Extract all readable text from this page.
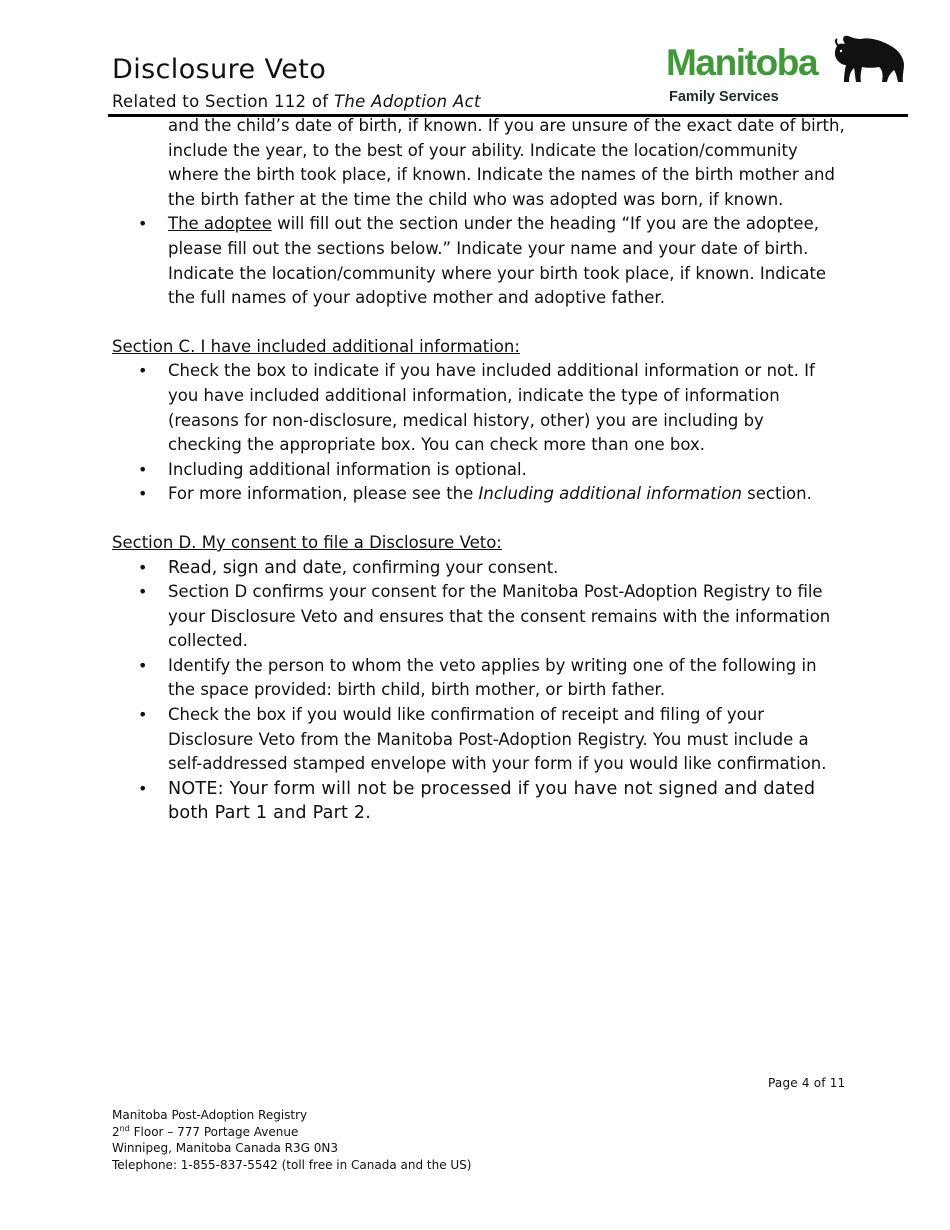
Disclosure Veto
Related to Section 112 of The Adoption Act
Manitoba
Family Services
and the child’s date of birth, if known. If you are unsure of the exact date of birth,
include the year, to the best of your ability. Indicate the location/community
where the birth took place, if known. Indicate the names of the birth mother and
the birth father at the time the child who was adopted was born, if known.
• The adoptee will fill out the section under the heading “If you are the adoptee,
please fill out the sections below.” Indicate your name and your date of birth.
Indicate the location/community where your birth took place, if known. Indicate
the full names of your adoptive mother and adoptive father.
Section C. I have included additional information:
• Check the box to indicate if you have included additional information or not. If you have included additional information, indicate the type of information (reasons for non-disclosure, medical history, other) you are including by checking the appropriate box. You can check more than one box.
• Including additional information is optional.
• For more information, please see the Including additional information section.
Section D. My consent to file a Disclosure Veto:
• Read, sign and date, confirming your consent.
• Section D confirms your consent for the Manitoba Post-Adoption Registry to file your Disclosure Veto and ensures that the consent remains with the information collected.
• Identify the person to whom the veto applies by writing one of the following in the space provided: birth child, birth mother, or birth father.
• Check the box if you would like confirmation of receipt and filing of your Disclosure Veto from the Manitoba Post-Adoption Registry. You must include a self-addressed stamped envelope with your form if you would like confirmation.
• NOTE: Your form will not be processed if you have not signed and dated both Part 1 and Part 2.
Page 4 of 11
Manitoba Post-Adoption Registry
2nd Floor – 777 Portage Avenue
Winnipeg, Manitoba Canada R3G 0N3
Telephone: 1-855-837-5542 (toll free in Canada and the US)
